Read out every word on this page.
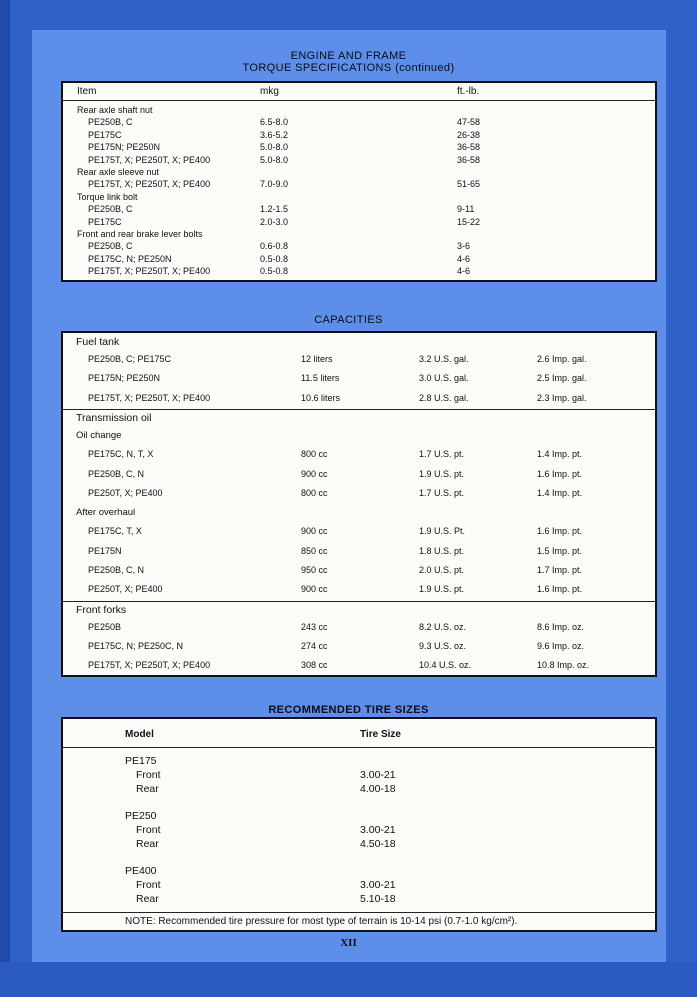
ENGINE AND FRAME
TORQUE SPECIFICATIONS (continued)
Item	mkg	ft.-lb.
Rear axle shaft nut
PE250B, C	6.5-8.0	47-58
PE175C	3.6-5.2	26-38
PE175N; PE250N	5.0-8.0	36-58
PE175T, X; PE250T, X; PE400	5.0-8.0	36-58
Rear axle sleeve nut
PE175T, X; PE250T, X; PE400	7.0-9.0	51-65
Torque link bolt
PE250B, C	1.2-1.5	9-11
PE175C	2.0-3.0	15-22
Front and rear brake lever bolts
PE250B, C	0.6-0.8	3-6
PE175C, N; PE250N	0.5-0.8	4-6
PE175T, X; PE250T, X; PE400	0.5-0.8	4-6
CAPACITIES
Fuel tank
PE250B, C; PE175C	12 liters	3.2 U.S. gal.	2.6 Imp. gal.
PE175N; PE250N	11.5 liters	3.0 U.S. gal.	2.5 Imp. gal.
PE175T, X; PE250T, X; PE400	10.6 liters	2.8 U.S. gal.	2.3 Imp. gal.
Transmission oil
Oil change
PE175C, N, T, X	800 cc	1.7 U.S. pt.	1.4 Imp. pt.
PE250B, C, N	900 cc	1.9 U.S. pt.	1.6 Imp. pt.
PE250T, X; PE400	800 cc	1.7 U.S. pt.	1.4 Imp. pt.
After overhaul
PE175C, T, X	900 cc	1.9 U.S. Pt.	1.6 Imp. pt.
PE175N	850 cc	1.8 U.S. pt.	1.5 Imp. pt.
PE250B, C, N	950 cc	2.0 U.S. pt.	1.7 Imp. pt.
PE250T, X; PE400	900 cc	1.9 U.S. pt.	1.6 Imp. pt.
Front forks
PE250B	243 cc	8.2 U.S. oz.	8.6 Imp. oz.
PE175C, N; PE250C, N	274 cc	9.3 U.S. oz.	9.6 Imp. oz.
PE175T, X; PE250T, X; PE400	308 cc	10.4 U.S. oz.	10.8 Imp. oz.
RECOMMENDED TIRE SIZES
Model	Tire Size
PE175
Front	3.00-21
Rear	4.00-18
PE250
Front	3.00-21
Rear	4.50-18
PE400
Front	3.00-21
Rear	5.10-18
NOTE: Recommended tire pressure for most type of terrain is 10-14 psi (0.7-1.0 kg/cm²).
XII
